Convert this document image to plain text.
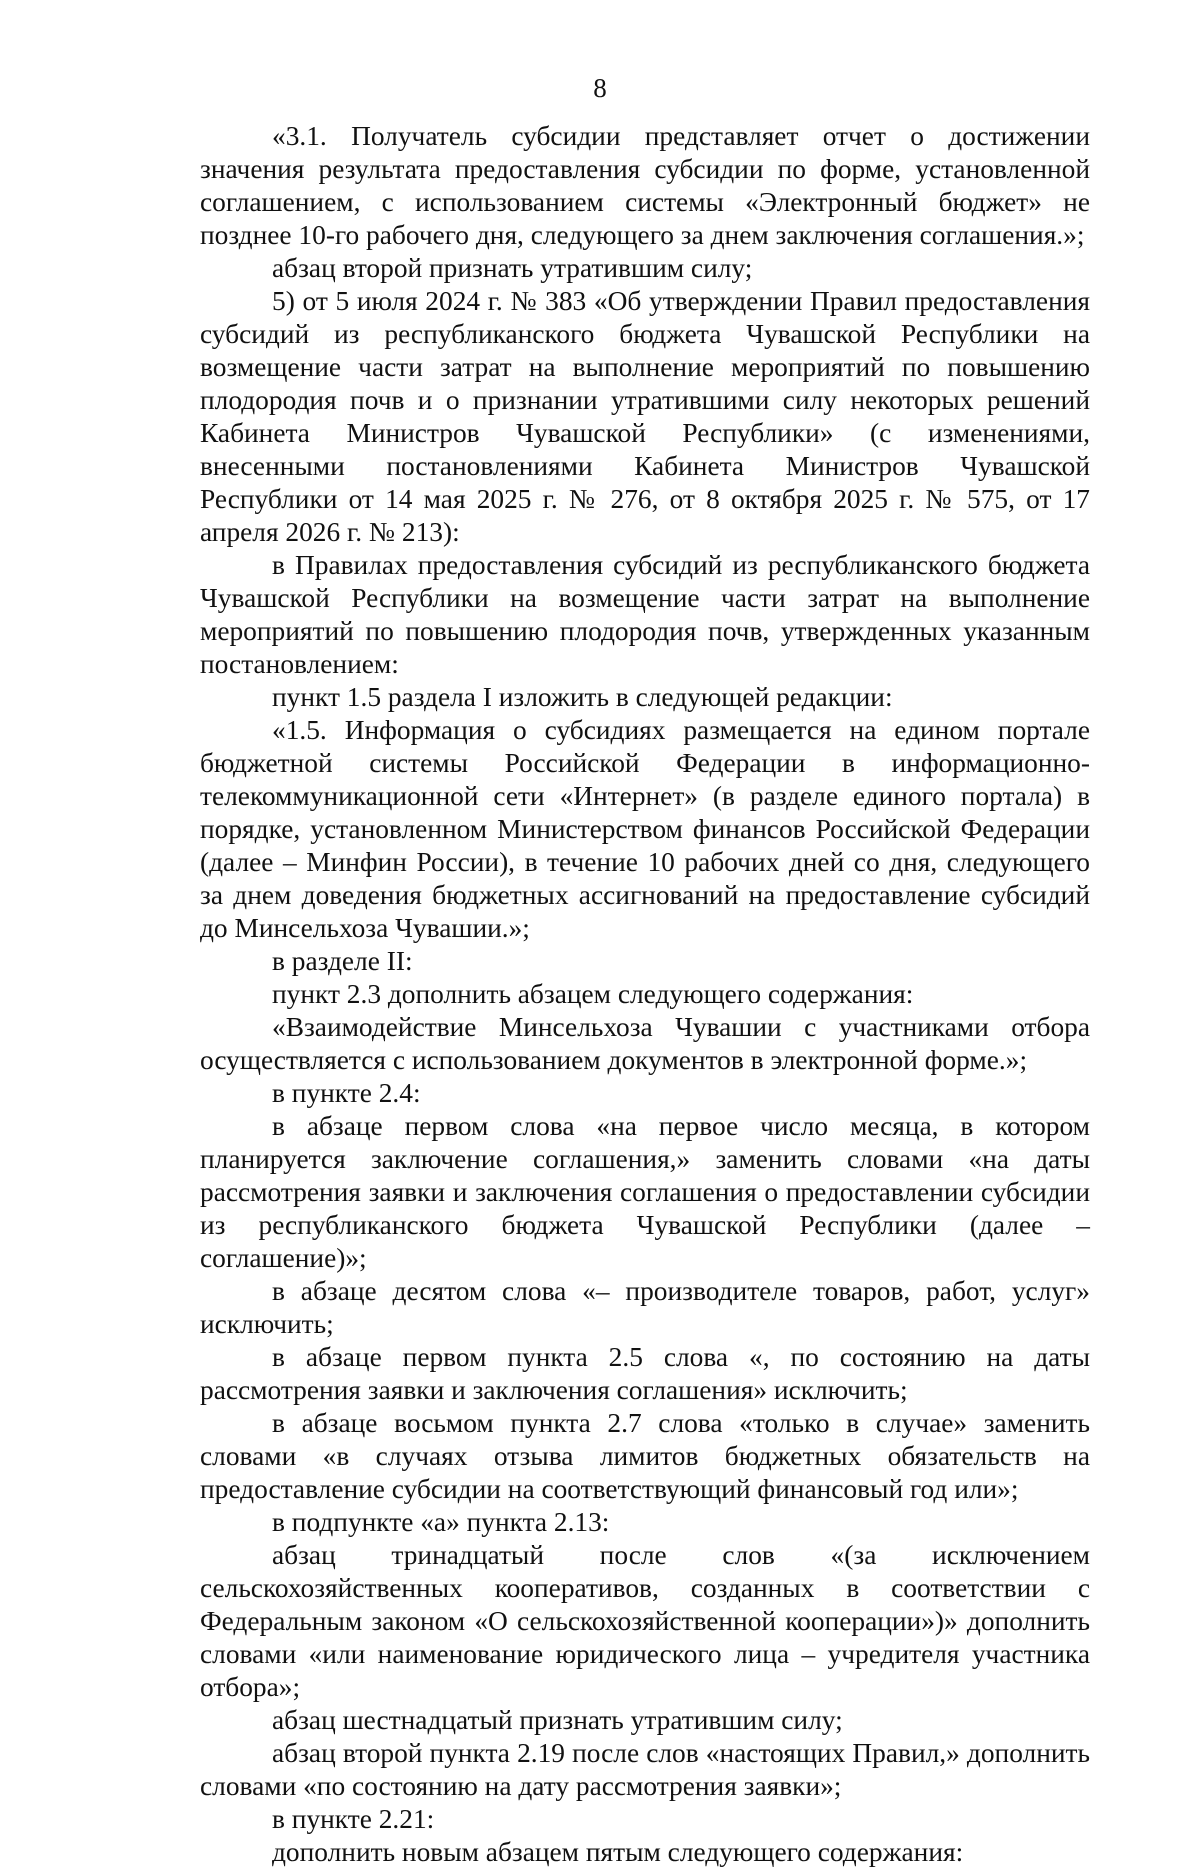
8

«3.1. Получатель субсидии представляет отчет о достижении значения результата предоставления субсидии по форме, установленной соглашением, с использованием системы «Электронный бюджет» не позднее 10-го рабочего дня, следующего за днем заключения соглашения.»;

абзац второй признать утратившим силу;

5) от 5 июля 2024 г. № 383 «Об утверждении Правил предоставления субсидий из республиканского бюджета Чувашской Республики на возмещение части затрат на выполнение мероприятий по повышению плодородия почв и о признании утратившими силу некоторых решений Кабинета Министров Чувашской Республики» (с изменениями, внесенными постановлениями Кабинета Министров Чувашской Республики от 14 мая 2025 г. № 276, от 8 октября 2025 г. № 575, от 17 апреля 2026 г. № 213):

в Правилах предоставления субсидий из республиканского бюджета Чувашской Республики на возмещение части затрат на выполнение мероприятий по повышению плодородия почв, утвержденных указанным постановлением:

пункт 1.5 раздела I изложить в следующей редакции:

«1.5. Информация о субсидиях размещается на едином портале бюджетной системы Российской Федерации в информационно-телекоммуникационной сети «Интернет» (в разделе единого портала) в порядке, установленном Министерством финансов Российской Федерации (далее – Минфин России), в течение 10 рабочих дней со дня, следующего за днем доведения бюджетных ассигнований на предоставление субсидий до Минсельхоза Чувашии.»;

в разделе II:

пункт 2.3 дополнить абзацем следующего содержания:

«Взаимодействие Минсельхоза Чувашии с участниками отбора осуществляется с использованием документов в электронной форме.»;

в пункте 2.4:

в абзаце первом слова «на первое число месяца, в котором планируется заключение соглашения,» заменить словами «на даты рассмотрения заявки и заключения соглашения о предоставлении субсидии из республиканского бюджета Чувашской Республики (далее – соглашение)»;

в абзаце десятом слова «– производителе товаров, работ, услуг» исключить;

в абзаце первом пункта 2.5 слова «, по состоянию на даты рассмотрения заявки и заключения соглашения» исключить;

в абзаце восьмом пункта 2.7 слова «только в случае» заменить словами «в случаях отзыва лимитов бюджетных обязательств на предоставление субсидии на соответствующий финансовый год или»;

в подпункте «а» пункта 2.13:

абзац тринадцатый после слов «(за исключением сельскохозяйственных кооперативов, созданных в соответствии с Федеральным законом «О сельскохозяйственной кооперации»)» дополнить словами «или наименование юридического лица – учредителя участника отбора»;

абзац шестнадцатый признать утратившим силу;

абзац второй пункта 2.19 после слов «настоящих Правил,» дополнить словами «по состоянию на дату рассмотрения заявки»;

в пункте 2.21:

дополнить новым абзацем пятым следующего содержания:
